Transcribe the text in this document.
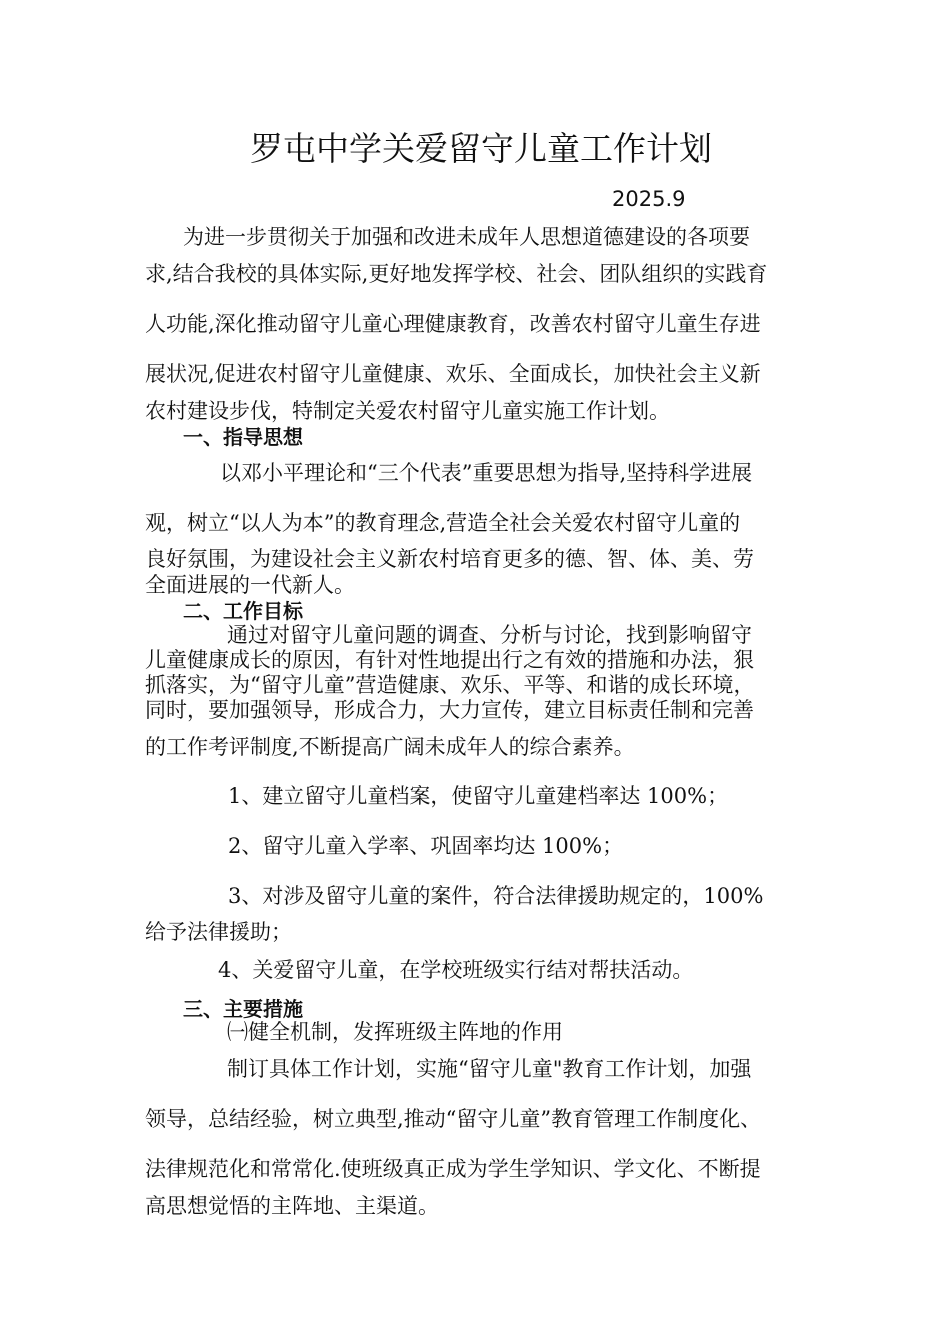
罗屯中学关爱留守儿童工作计划
2025.9
为进一步贯彻关于加强和改进未成年人思想道德建设的各项要
求,结合我校的具体实际,更好地发挥学校、社会、团队组织的实践育
人功能,深化推动留守儿童心理健康教育，改善农村留守儿童生存进
展状况,促进农村留守儿童健康、欢乐、全面成长，加快社会主义新
农村建设步伐，特制定关爱农村留守儿童实施工作计划。
一、指导思想
以邓小平理论和“三个代表”重要思想为指导,坚持科学进展
观，树立“以人为本”的教育理念,营造全社会关爱农村留守儿童的
良好氛围，为建设社会主义新农村培育更多的德、智、体、美、劳
全面进展的一代新人。
二、工作目标
通过对留守儿童问题的调查、分析与讨论，找到影响留守
儿童健康成长的原因，有针对性地提出行之有效的措施和办法，狠
抓落实，为“留守儿童”营造健康、欢乐、平等、和谐的成长环境，
同时，要加强领导，形成合力，大力宣传，建立目标责任制和完善
的工作考评制度,不断提高广阔未成年人的综合素养。
1、建立留守儿童档案，使留守儿童建档率达 100%；
2、留守儿童入学率、巩固率均达 100%；
3、对涉及留守儿童的案件，符合法律援助规定的，100%
给予法律援助；
4、关爱留守儿童，在学校班级实行结对帮扶活动。
三、主要措施
㈠健全机制，发挥班级主阵地的作用
制订具体工作计划，实施“留守儿童"教育工作计划，加强
领导，总结经验，树立典型,推动“留守儿童”教育管理工作制度化、
法律规范化和常常化.使班级真正成为学生学知识、学文化、不断提
高思想觉悟的主阵地、主渠道。
